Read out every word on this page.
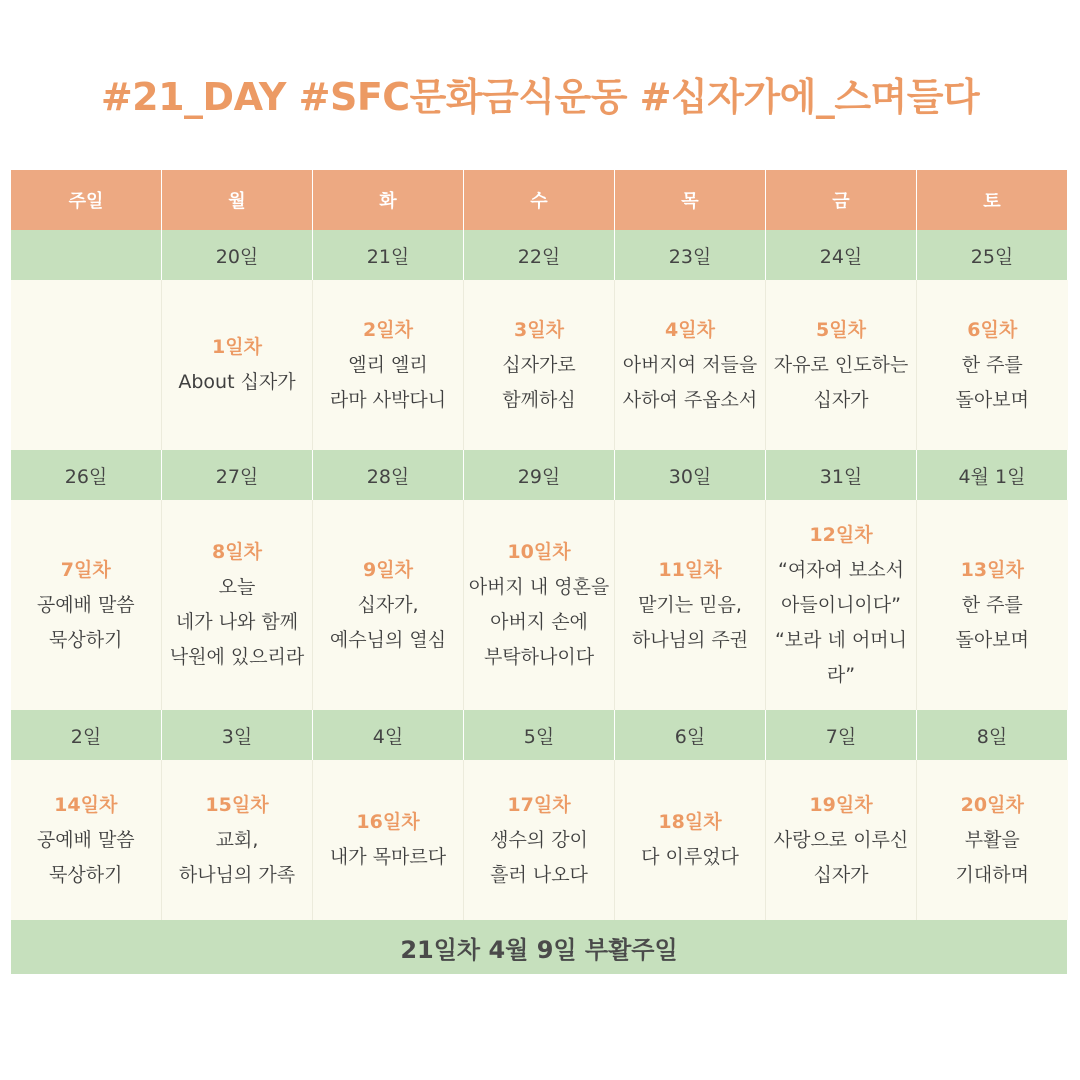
#21_DAY #SFC문화금식운동 #십자가에_스며들다
주일	월	화	수	목	금	토
	20일	21일	22일	23일	24일	25일

	1일차
About 십자가	2일차
엘리 엘리
라마 사박다니	3일차
십자가로
함께하심	4일차
아버지여 저들을
사하여 주옵소서	5일차
자유로 인도하는
십자가	6일차
한 주를
돌아보며

26일	27일	28일	29일	30일	31일	4월 1일

7일차
공예배 말씀
묵상하기	8일차
오늘
네가 나와 함께
낙원에 있으리라	9일차
십자가,
예수님의 열심	10일차
아버지 내 영혼을
아버지 손에
부탁하나이다	11일차
맡기는 믿음,
하나님의 주권	12일차
“여자여 보소서
아들이니이다”
“보라 네 어머니
라”	13일차
한 주를
돌아보며

2일	3일	4일	5일	6일	7일	8일

14일차
공예배 말씀
묵상하기	15일차
교회,
하나님의 가족	16일차
내가 목마르다	17일차
생수의 강이
흘러 나오다	18일차
다 이루었다	19일차
사랑으로 이루신
십자가	20일차
부활을
기대하며

21일차 4월 9일 부활주일						
